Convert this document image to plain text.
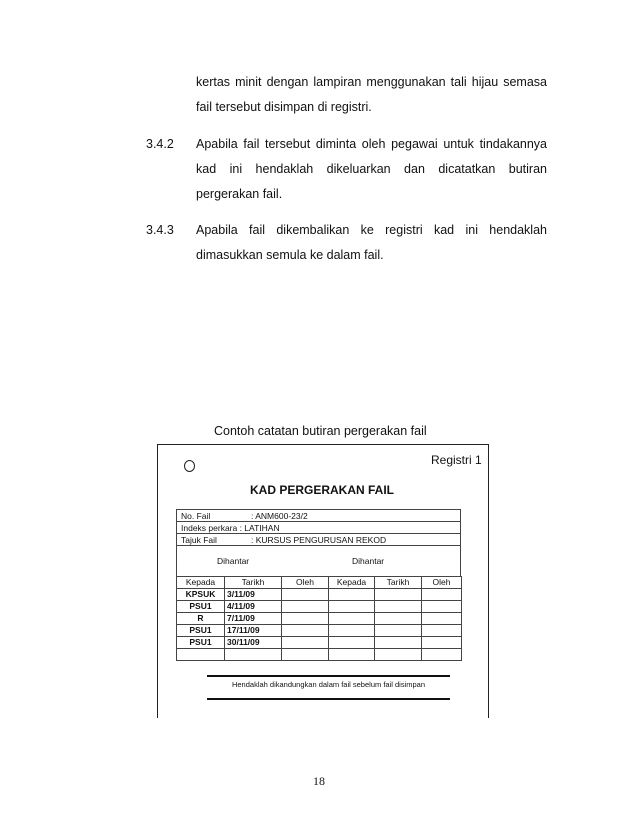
kertas minit dengan lampiran menggunakan tali hijau semasa
fail tersebut disimpan di registri.
3.4.2 Apabila fail tersebut diminta oleh pegawai untuk tindakannya
kad ini hendaklah dikeluarkan dan dicatatkan butiran
pergerakan fail.
3.4.3 Apabila fail dikembalikan ke registri kad ini hendaklah
dimasukkan semula ke dalam fail.
Contoh catatan butiran pergerakan fail
Registri 1
KAD PERGERAKAN FAIL
No. Fail	: ANM600-23/2
Indeks perkara : LATIHAN
Tajuk Fail	: KURSUS PENGURUSAN REKOD
Dihantar	Dihantar
Kepada	Tarikh	Oleh	Kepada	Tarikh	Oleh
KPSUK	3/11/09				
PSU1	4/11/09				
R	7/11/09				
PSU1	17/11/09				
PSU1	30/11/09				

Hendaklah dikandungkan dalam fail sebelum fail disimpan
18
